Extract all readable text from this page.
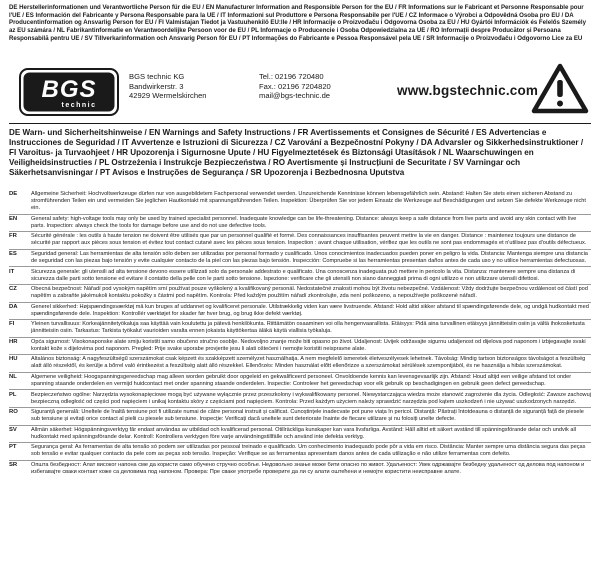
DE Herstellerinformationen und Verantwortliche Person für die EU / EN Manufacturer Information and Responsible Person for the EU / FR Informations sur le Fabricant et Personne Responsable pour l'UE / ES Información del Fabricante y Persona Responsable para la UE / IT Informazioni sul Produttore e Persona Responsabile per l'UE / CZ Informace o Výrobci a Odpovědná Osoba pro EU / DA Producentinformation og Ansvarlig Person for EU / FI Valmistajan Tiedot ja Vastuuhenkilö EU:lle / HR Informacije o Proizvođaču i Odgovorna Osoba za EU / HU Gyártói Információk és Felelős Személy az EU számára / NL Fabrikantinformatie en Verantwoordelijke Persoon voor de EU / PL Informacje o Producencie i Osoba Odpowiedzialna za UE / RO Informații despre Producător și Persoana Responsabilă pentru UE / SV Tillverkarinformation och Ansvarig Person för EU / PT Informações do Fabricante e Pessoa Responsável pela UE / SR Informacije o Proizvođaču i Odgovorno Lice za EU
BGS
technic
BGS technic KG
Bandwirkerstr. 3
42929 Wermelskirchen
Tel.: 02196 720480
Fax.: 02196 7204820
mail@bgs-technic.de	www.bgstechnic.com
DE Warn- und Sicherheitshinweise / EN Warnings and Safety Instructions / FR Avertissements et Consignes de Sécurité / ES Advertencias e Instrucciones de Seguridad / IT Avvertenze e Istruzioni di Sicurezza / CZ Varování a Bezpečnostní Pokyny / DA Advarsler og Sikkerhedsinstruktioner / FI Varoitus- ja Turvaohjeet / HR Upozorenja i Sigurnosne Upute / HU Figyelmeztetések és Biztonsági Utasítások / NL Waarschuwingen en Veiligheidsinstructies / PL Ostrzeżenia i Instrukcje Bezpieczeństwa / RO Avertismente și Instrucțiuni de Securitate / SV Varningar och Säkerhetsanvisningar / PT Avisos e Instruções de Segurança / SR Upozorenja i Bezbednosna Uputstva
DE	Allgemeine Sicherheit: Hochvoltwerkzeuge dürfen nur von ausgebildetem Fachpersonal verwendet werden. Unzureichende Kenntnisse können lebensgefährlich sein. Abstand: Halten Sie stets einen sicheren Abstand zu stromführenden Teilen ein und vermeiden Sie jeglichen Hautkontakt mit spannungsführenden Teilen. Inspektion: Überprüfen Sie vor jedem Einsatz die Werkzeuge auf Beschädigungen und setzen Sie defekte Werkzeuge nicht ein.
EN	General safety: high-voltage tools may only be used by trained specialist personnel. Inadequate knowledge can be life-threatening. Distance: always keep a safe distance from live parts and avoid any skin contact with live parts. Inspection: always check the tools for damage before use and do not use defective tools.
FR	Sécurité générale : les outils à haute tension ne doivent être utilisés que par un personnel qualifié et formé. Des connaissances insuffisantes peuvent mettre la vie en danger. Distance : maintenez toujours une distance de sécurité par rapport aux pièces sous tension et évitez tout contact cutané avec les pièces sous tension. Inspection : avant chaque utilisation, vérifiez que les outils ne sont pas endommagés et n'utilisez pas d'outils défectueux.
ES	Seguridad general: Las herramientas de alta tensión sólo deben ser utilizadas por personal formado y cualificado. Unos conocimientos inadecuados pueden poner en peligro la vida. Distancia: Mantenga siempre una distancia de seguridad con las piezas bajo tensión y evite cualquier contacto de la piel con las piezas bajo tensión. Inspección: Compruebe si las herramientas presentan daños antes de cada uso y no utilice herramientas defectuosas.
IT	Sicurezza generale: gli utensili ad alta tensione devono essere utilizzati solo da personale addestrato e qualificato. Una conoscenza inadeguata può mettere in pericolo la vita. Distanza: mantenere sempre una distanza di sicurezza dalle parti sotto tensione ed evitare il contatto della pelle con le parti sotto tensione. Ispezione: verificare che gli utensili non siano danneggiati prima di ogni utilizzo e non utilizzare utensili difettosi.
CZ	Obecná bezpečnost: Nářadí pod vysokým napětím smí používat pouze vyškolený a kvalifikovaný personál. Nedostatečné znalosti mohou být životu nebezpečné. Vzdálenost: Vždy dodržujte bezpečnou vzdálenost od částí pod napětím a zabraňte jakémukoli kontaktu pokožky s částmi pod napětím. Kontrola: Před každým použitím nářadí zkontrolujte, zda není poškozeno, a nepoužívejte poškozené nářadí.
DA	Generel sikkerhed: Højspændingsværktøj må kun bruges af uddannet og kvalificeret personale. Utilstrækkelig viden kan være livstruende. Afstand: Hold altid sikker afstand til spændingsførende dele, og undgå hudkontakt med spændingsførende dele. Inspektion: Kontrollér værktøjet for skader før hver brug, og brug ikke defekt værktøj.
FI	Yleinen turvallisuus: Korkeajännitetyökaluja saa käyttää vain koulutettu ja pätevä henkilökunta. Riittämätön osaaminen voi olla hengenvaarallista. Etäisyys: Pidä aina turvallinen etäisyys jännitteisiin osiin ja vältä ihokosketusta jännitteisiin osiin. Tarkastus: Tarkista työkalut vaurioiden varalta ennen jokaista käyttökertaa äläkä käytä viallisia työkaluja.
HR	Opća sigurnost: Visokonaponske alate smiju koristiti samo obučeno stručno osoblje. Nedovoljno znanje može biti opasno po život. Udaljenost: Uvijek održavajte sigurnu udaljenost od dijelova pod naponom i izbjegavajte svaki kontakt kože s dijelovima pod naponom. Pregled: Prije svake uporabe provjerite jesu li alati oštećeni i nemojte koristiti neispravne alate.
HU	Általános biztonság: A nagyfeszültségű szerszámokat csak képzett és szakképzett személyzet használhatja. A nem megfelelő ismeretek életveszélyesek lehetnek. Távolság: Mindig tartson biztonságos távolságot a feszültség alatt álló részektől, és kerülje a bőrrel való érintkezést a feszültség alatt álló részekkel. Ellenőrzés: Minden használat előtt ellenőrizze a szerszámokat sérülések szempontjából, és ne használja a hibás szerszámokat.
NL	Algemene veiligheid: Hoogspanningsgereedschap mag alleen worden gebruikt door opgeleid en gekwalificeerd personeel. Onvoldoende kennis kan levensgevaarlijk zijn. Afstand: Houd altijd een veilige afstand tot onder spanning staande onderdelen en vermijd huidcontact met onder spanning staande onderdelen. Inspectie: Controleer het gereedschap voor elk gebruik op beschadigingen en gebruik geen defect gereedschap.
PL	Bezpieczeństwo ogólne: Narzędzia wysokonapięciowe mogą być używane wyłącznie przez przeszkolony i wykwalifikowany personel. Niewystarczająca wiedza może stanowić zagrożenie dla życia. Odległość: Zawsze zachowuj bezpieczną odległość od części pod napięciem i unikaj kontaktu skóry z częściami pod napięciem. Kontrola: Przed każdym użyciem należy sprawdzić narzędzia pod kątem uszkodzeń i nie używać uszkodzonych narzędzi.
RO	Siguranță generală: Uneltele de înaltă tensiune pot fi utilizate numai de către personal instruit și calificat. Cunoștințele inadecvate pot pune viața în pericol. Distanță: Păstrați întotdeauna o distanță de siguranță față de piesele sub tensiune și evitați orice contact al pielii cu piesele sub tensiune. Inspecție: Verificați dacă uneltele sunt deteriorate înainte de fiecare utilizare și nu folosiți unelte defecte.
SV	Allmän säkerhet: Högspänningsverktyg får endast användas av utbildad och kvalificerad personal. Otillräckliga kunskaper kan vara livsfarliga. Avstånd: Håll alltid ett säkert avstånd till spänningsförande delar och undvik all hudkontakt med spänningsförande delar. Kontroll: Kontrollera verktygen före varje användningstillfälle och använd inte defekta verktyg.
PT	Segurança geral: As ferramentas de alta tensão só podem ser utilizadas por pessoal treinado e qualificado. Um conhecimento inadequado pode pôr a vida em risco. Distância: Manter sempre uma distância segura das peças sob tensão e evitar qualquer contacto da pele com as peças sob tensão. Inspeção: Verifique se as ferramentas apresentam danos antes de cada utilização e não utilize ferramentas com defeito.
SR	Општа безбедност: Алат високог напона сме да користи само обучено стручно особље. Недовољно знање може бити опасно по живот. Удаљеност: Увек одржавајте безбедну удаљеност од делова под напоном и избегавајте сваки контакт коже са деловима под напоном. Провера: Пре сваке употребе проверите да ли су алати оштећени и немојте користити неисправне алате.
